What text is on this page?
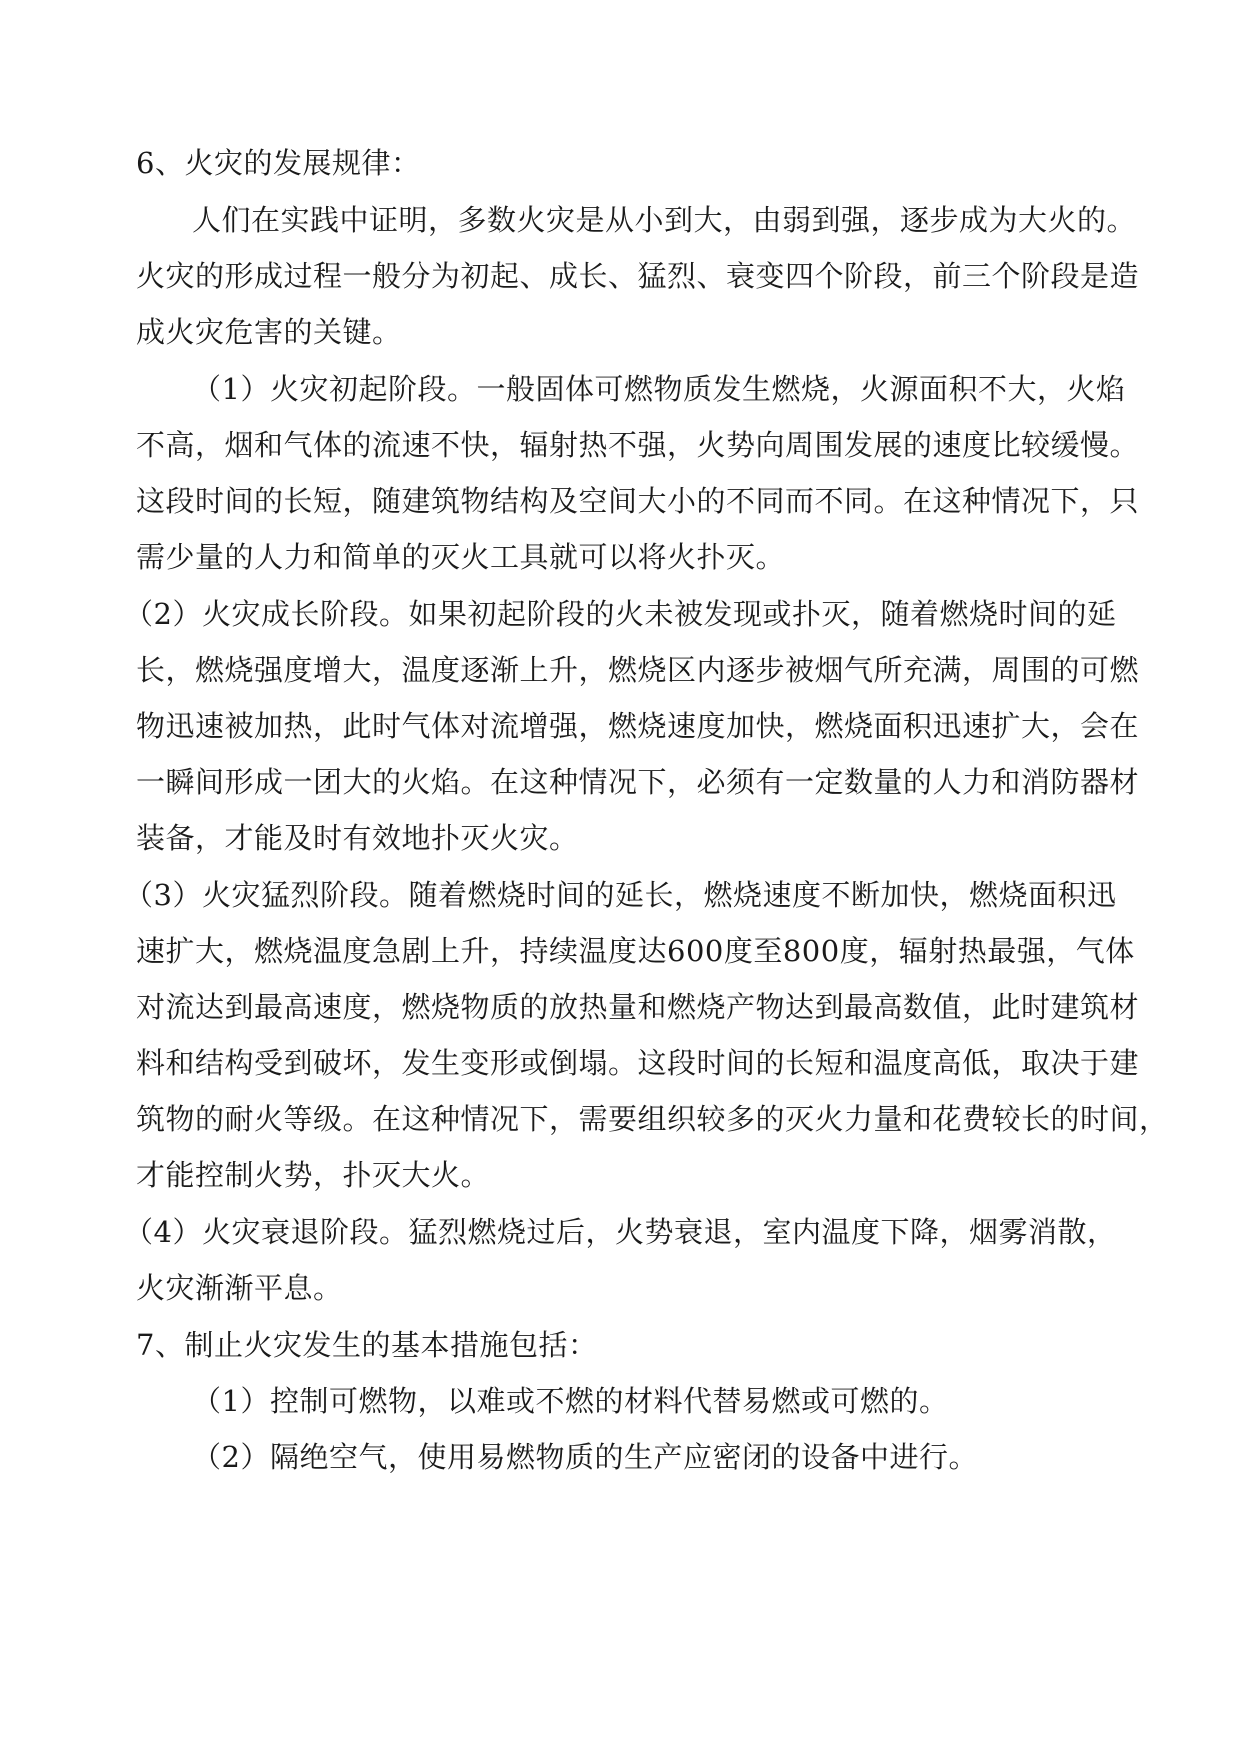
6、火灾的发展规律：
人们在实践中证明，多数火灾是从小到大，由弱到强，逐步成为大火的。
火灾的形成过程一般分为初起、成长、猛烈、衰变四个阶段，前三个阶段是造
成火灾危害的关键。
（1）火灾初起阶段。一般固体可燃物质发生燃烧，火源面积不大，火焰
不高，烟和气体的流速不快，辐射热不强，火势向周围发展的速度比较缓慢。
这段时间的长短，随建筑物结构及空间大小的不同而不同。在这种情况下，只
需少量的人力和简单的灭火工具就可以将火扑灭。
（2）火灾成长阶段。如果初起阶段的火未被发现或扑灭，随着燃烧时间的延
长，燃烧强度增大，温度逐渐上升，燃烧区内逐步被烟气所充满，周围的可燃
物迅速被加热，此时气体对流增强，燃烧速度加快，燃烧面积迅速扩大，会在
一瞬间形成一团大的火焰。在这种情况下，必须有一定数量的人力和消防器材
装备，才能及时有效地扑灭火灾。
（3）火灾猛烈阶段。随着燃烧时间的延长，燃烧速度不断加快，燃烧面积迅
速扩大，燃烧温度急剧上升，持续温度达600度至800度，辐射热最强，气体
对流达到最高速度，燃烧物质的放热量和燃烧产物达到最高数值，此时建筑材
料和结构受到破坏，发生变形或倒塌。这段时间的长短和温度高低，取决于建
筑物的耐火等级。在这种情况下，需要组织较多的灭火力量和花费较长的时间，
才能控制火势，扑灭大火。
（4）火灾衰退阶段。猛烈燃烧过后，火势衰退，室内温度下降，烟雾消散，
火灾渐渐平息。
7、制止火灾发生的基本措施包括：
（1）控制可燃物，以难或不燃的材料代替易燃或可燃的。
（2）隔绝空气，使用易燃物质的生产应密闭的设备中进行。
